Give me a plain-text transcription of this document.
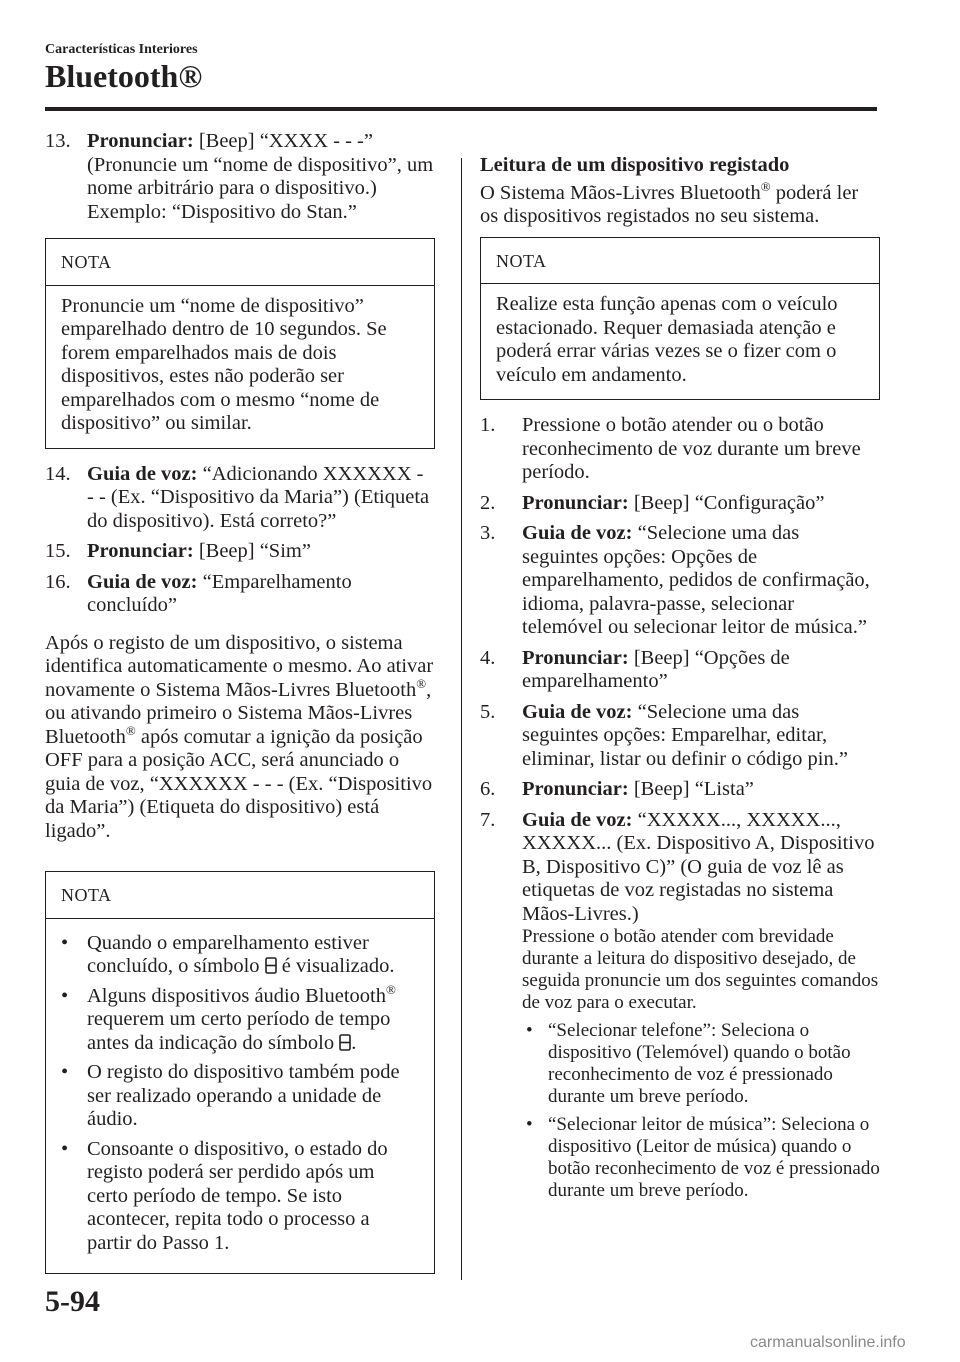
Características Interiores
Bluetooth®
13. Pronunciar: [Beep] “XXXX - - -” (Pronuncie um “nome de dispositivo”, um nome arbitrário para o dispositivo.) Exemplo: “Dispositivo do Stan.”
NOTA

Pronuncie um “nome de dispositivo” emparelhado dentro de 10 segundos. Se forem emparelhados mais de dois dispositivos, estes não poderão ser emparelhados com o mesmo “nome de dispositivo” ou similar.

14. Guia de voz: “Adicionando XXXXXX - - - (Ex. “Dispositivo da Maria”) (Etiqueta do dispositivo). Está correto?”
15. Pronunciar: [Beep] “Sim”
16. Guia de voz: “Emparelhamento concluído”
Após o registo de um dispositivo, o sistema identifica automaticamente o mesmo. Ao ativar novamente o Sistema Mãos-Livres Bluetooth®, ou ativando primeiro o Sistema Mãos-Livres Bluetooth® após comutar a ignição da posição OFF para a posição ACC, será anunciado o guia de voz, “XXXXXX - - - (Ex. “Dispositivo da Maria”) (Etiqueta do dispositivo) está ligado”.
NOTA
• Quando o emparelhamento estiver concluído, o símbolo é visualizado.
• Alguns dispositivos áudio Bluetooth® requerem um certo período de tempo antes da indicação do símbolo .
• O registo do dispositivo também pode ser realizado operando a unidade de áudio.
• Consoante o dispositivo, o estado do registo poderá ser perdido após um certo período de tempo. Se isto acontecer, repita todo o processo a partir do Passo 1.
Leitura de um dispositivo registado
O Sistema Mãos-Livres Bluetooth® poderá ler os dispositivos registados no seu sistema.
NOTA

Realize esta função apenas com o veículo estacionado. Requer demasiada atenção e poderá errar várias vezes se o fizer com o veículo em andamento.

1.	Pressione o botão atender ou o botão reconhecimento de voz durante um breve período.
2.	Pronunciar: [Beep] “Configuração”
3.	Guia de voz: “Selecione uma das seguintes opções: Opções de emparelhamento, pedidos de confirmação, idioma, palavra-passe, selecionar telemóvel ou selecionar leitor de música.”
4.	Pronunciar: [Beep] “Opções de emparelhamento”
5.	Guia de voz: “Selecione uma das seguintes opções: Emparelhar, editar, eliminar, listar ou definir o código pin.”
6.	Pronunciar: [Beep] “Lista”
7.	Guia de voz: “XXXXX..., XXXXX..., XXXXX... (Ex. Dispositivo A, Dispositivo B, Dispositivo C)” (O guia de voz lê as etiquetas de voz registadas no sistema Mãos-Livres.)
Pressione o botão atender com brevidade durante a leitura do dispositivo desejado, de seguida pronuncie um dos seguintes comandos de voz para o executar.
• “Selecionar telefone”: Seleciona o dispositivo (Telemóvel) quando o botão reconhecimento de voz é pressionado durante um breve período.
• “Selecionar leitor de música”: Seleciona o dispositivo (Leitor de música) quando o botão reconhecimento de voz é pressionado durante um breve período.
5-94
carmanualsonline.info
